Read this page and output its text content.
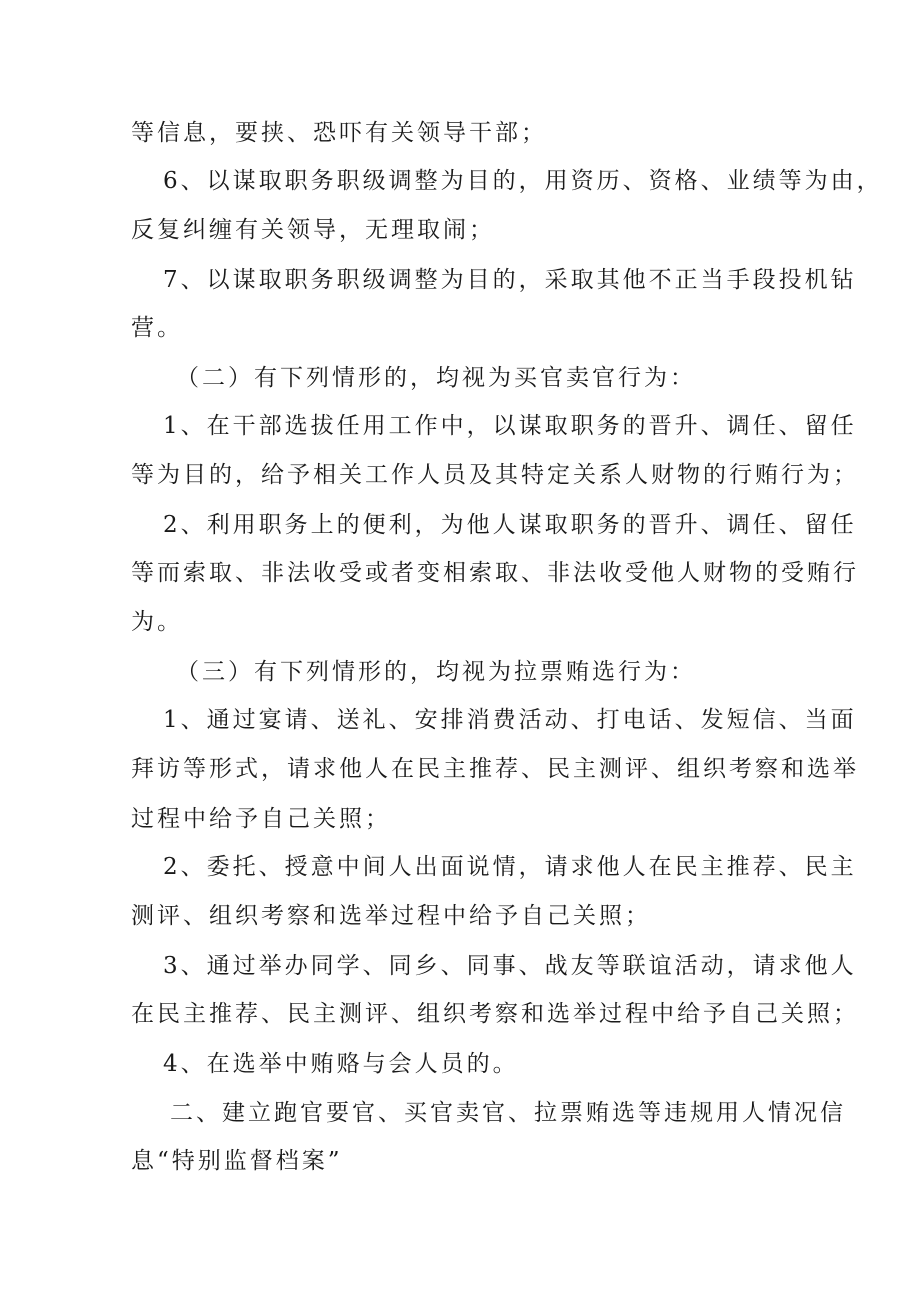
等信息，要挟、恐吓有关领导干部；
6、以谋取职务职级调整为目的，用资历、资格、业绩等为由，
反复纠缠有关领导，无理取闹；
7、以谋取职务职级调整为目的，采取其他不正当手段投机钻
营。
（二）有下列情形的，均视为买官卖官行为：
1、在干部选拔任用工作中，以谋取职务的晋升、调任、留任
等为目的，给予相关工作人员及其特定关系人财物的行贿行为；
2、利用职务上的便利，为他人谋取职务的晋升、调任、留任
等而索取、非法收受或者变相索取、非法收受他人财物的受贿行
为。
（三）有下列情形的，均视为拉票贿选行为：
1、通过宴请、送礼、安排消费活动、打电话、发短信、当面
拜访等形式，请求他人在民主推荐、民主测评、组织考察和选举
过程中给予自己关照；
2、委托、授意中间人出面说情，请求他人在民主推荐、民主
测评、组织考察和选举过程中给予自己关照；
3、通过举办同学、同乡、同事、战友等联谊活动，请求他人
在民主推荐、民主测评、组织考察和选举过程中给予自己关照；
4、在选举中贿赂与会人员的。
二、建立跑官要官、买官卖官、拉票贿选等违规用人情况信
息“特别监督档案”
